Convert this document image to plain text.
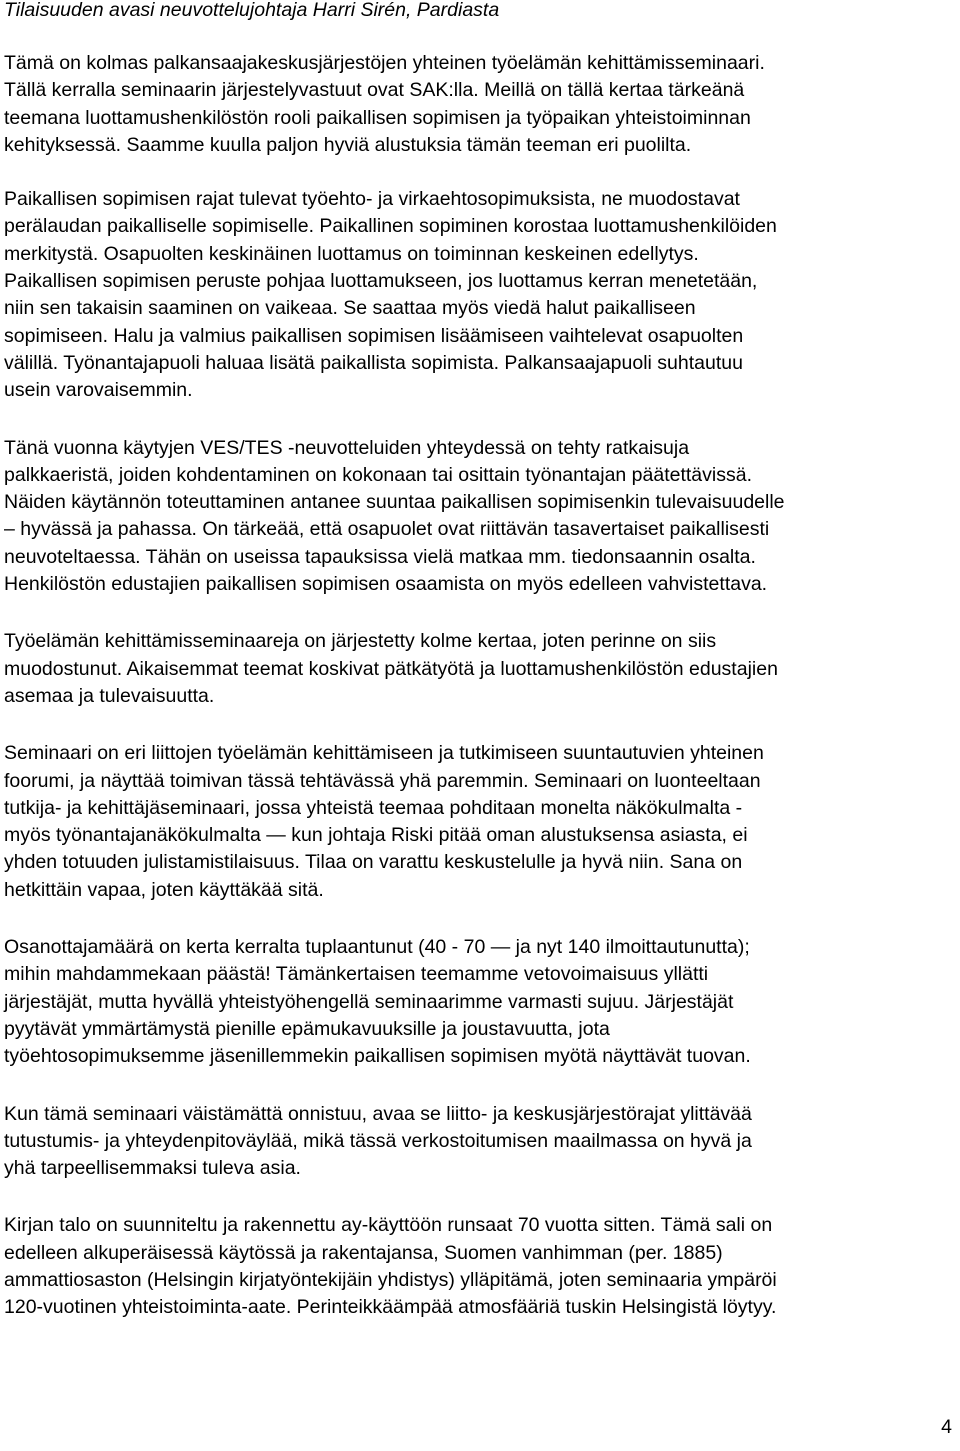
Tilaisuuden avasi neuvottelujohtaja Harri Sirén, Pardiasta

Tämä on kolmas palkansaajakeskusjärjestöjen yhteinen työelämän kehittämisseminaari.
Tällä kerralla seminaarin järjestelyvastuut ovat SAK:lla. Meillä on tällä kertaa tärkeänä
teemana luottamushenkilöstön rooli paikallisen sopimisen ja työpaikan yhteistoiminnan
kehityksessä. Saamme kuulla paljon hyviä alustuksia tämän teeman eri puolilta.

Paikallisen sopimisen rajat tulevat työehto- ja virkaehtosopimuksista, ne muodostavat
perälaudan paikalliselle sopimiselle. Paikallinen sopiminen korostaa luottamushenkilöiden
merkitystä. Osapuolten keskinäinen luottamus on toiminnan keskeinen edellytys.
Paikallisen sopimisen peruste pohjaa luottamukseen, jos luottamus kerran menetetään,
niin sen takaisin saaminen on vaikeaa. Se saattaa myös viedä halut paikalliseen
sopimiseen. Halu ja valmius paikallisen sopimisen lisäämiseen vaihtelevat osapuolten
välillä. Työnantajapuoli haluaa lisätä paikallista sopimista. Palkansaajapuoli suhtautuu
usein varovaisemmin.

Tänä vuonna käytyjen VES/TES -neuvotteluiden yhteydessä on tehty ratkaisuja
palkkaeristä, joiden kohdentaminen on kokonaan tai osittain työnantajan päätettävissä.
Näiden käytännön toteuttaminen antanee suuntaa paikallisen sopimisenkin tulevaisuudelle
– hyvässä ja pahassa. On tärkeää, että osapuolet ovat riittävän tasavertaiset paikallisesti
neuvoteltaessa. Tähän on useissa tapauksissa vielä matkaa mm. tiedonsaannin osalta.
Henkilöstön edustajien paikallisen sopimisen osaamista on myös edelleen vahvistettava.

Työelämän kehittämisseminaareja on järjestetty kolme kertaa, joten perinne on siis
muodostunut. Aikaisemmat teemat koskivat pätkätyötä ja luottamushenkilöstön edustajien
asemaa ja tulevaisuutta.

Seminaari on eri liittojen työelämän kehittämiseen ja tutkimiseen suuntautuvien yhteinen
foorumi, ja näyttää toimivan tässä tehtävässä yhä paremmin. Seminaari on luonteeltaan
tutkija- ja kehittäjäseminaari, jossa yhteistä teemaa pohditaan monelta näkökulmalta -
myös työnantajanäkökulmalta — kun johtaja Riski pitää oman alustuksensa asiasta, ei
yhden totuuden julistamistilaisuus. Tilaa on varattu keskustelulle ja hyvä niin. Sana on
hetkittäin vapaa, joten käyttäkää sitä.

Osanottajamäärä on kerta kerralta tuplaantunut (40 - 70 — ja nyt 140 ilmoittautunutta);
mihin mahdammekaan päästä! Tämänkertaisen teemamme vetovoimaisuus yllätti
järjestäjät, mutta hyvällä yhteistyöhengellä seminaarimme varmasti sujuu. Järjestäjät
pyytävät ymmärtämystä pienille epämukavuuksille ja joustavuutta, jota
työehtosopimuksemme jäsenillemmekin paikallisen sopimisen myötä näyttävät tuovan.

Kun tämä seminaari väistämättä onnistuu, avaa se liitto- ja keskusjärjestörajat ylittävää
tutustumis- ja yhteydenpitoväylää, mikä tässä verkostoitumisen maailmassa on hyvä ja
yhä tarpeellisemmaksi tuleva asia.

Kirjan talo on suunniteltu ja rakennettu ay-käyttöön runsaat 70 vuotta sitten. Tämä sali on
edelleen alkuperäisessä käytössä ja rakentajansa, Suomen vanhimman (per. 1885)
ammattiosaston (Helsingin kirjatyöntekijäin yhdistys) ylläpitämä, joten seminaaria ympäröi
120-vuotinen yhteistoiminta-aate. Perinteikkäämpää atmosfääriä tuskin Helsingistä löytyy.

4
